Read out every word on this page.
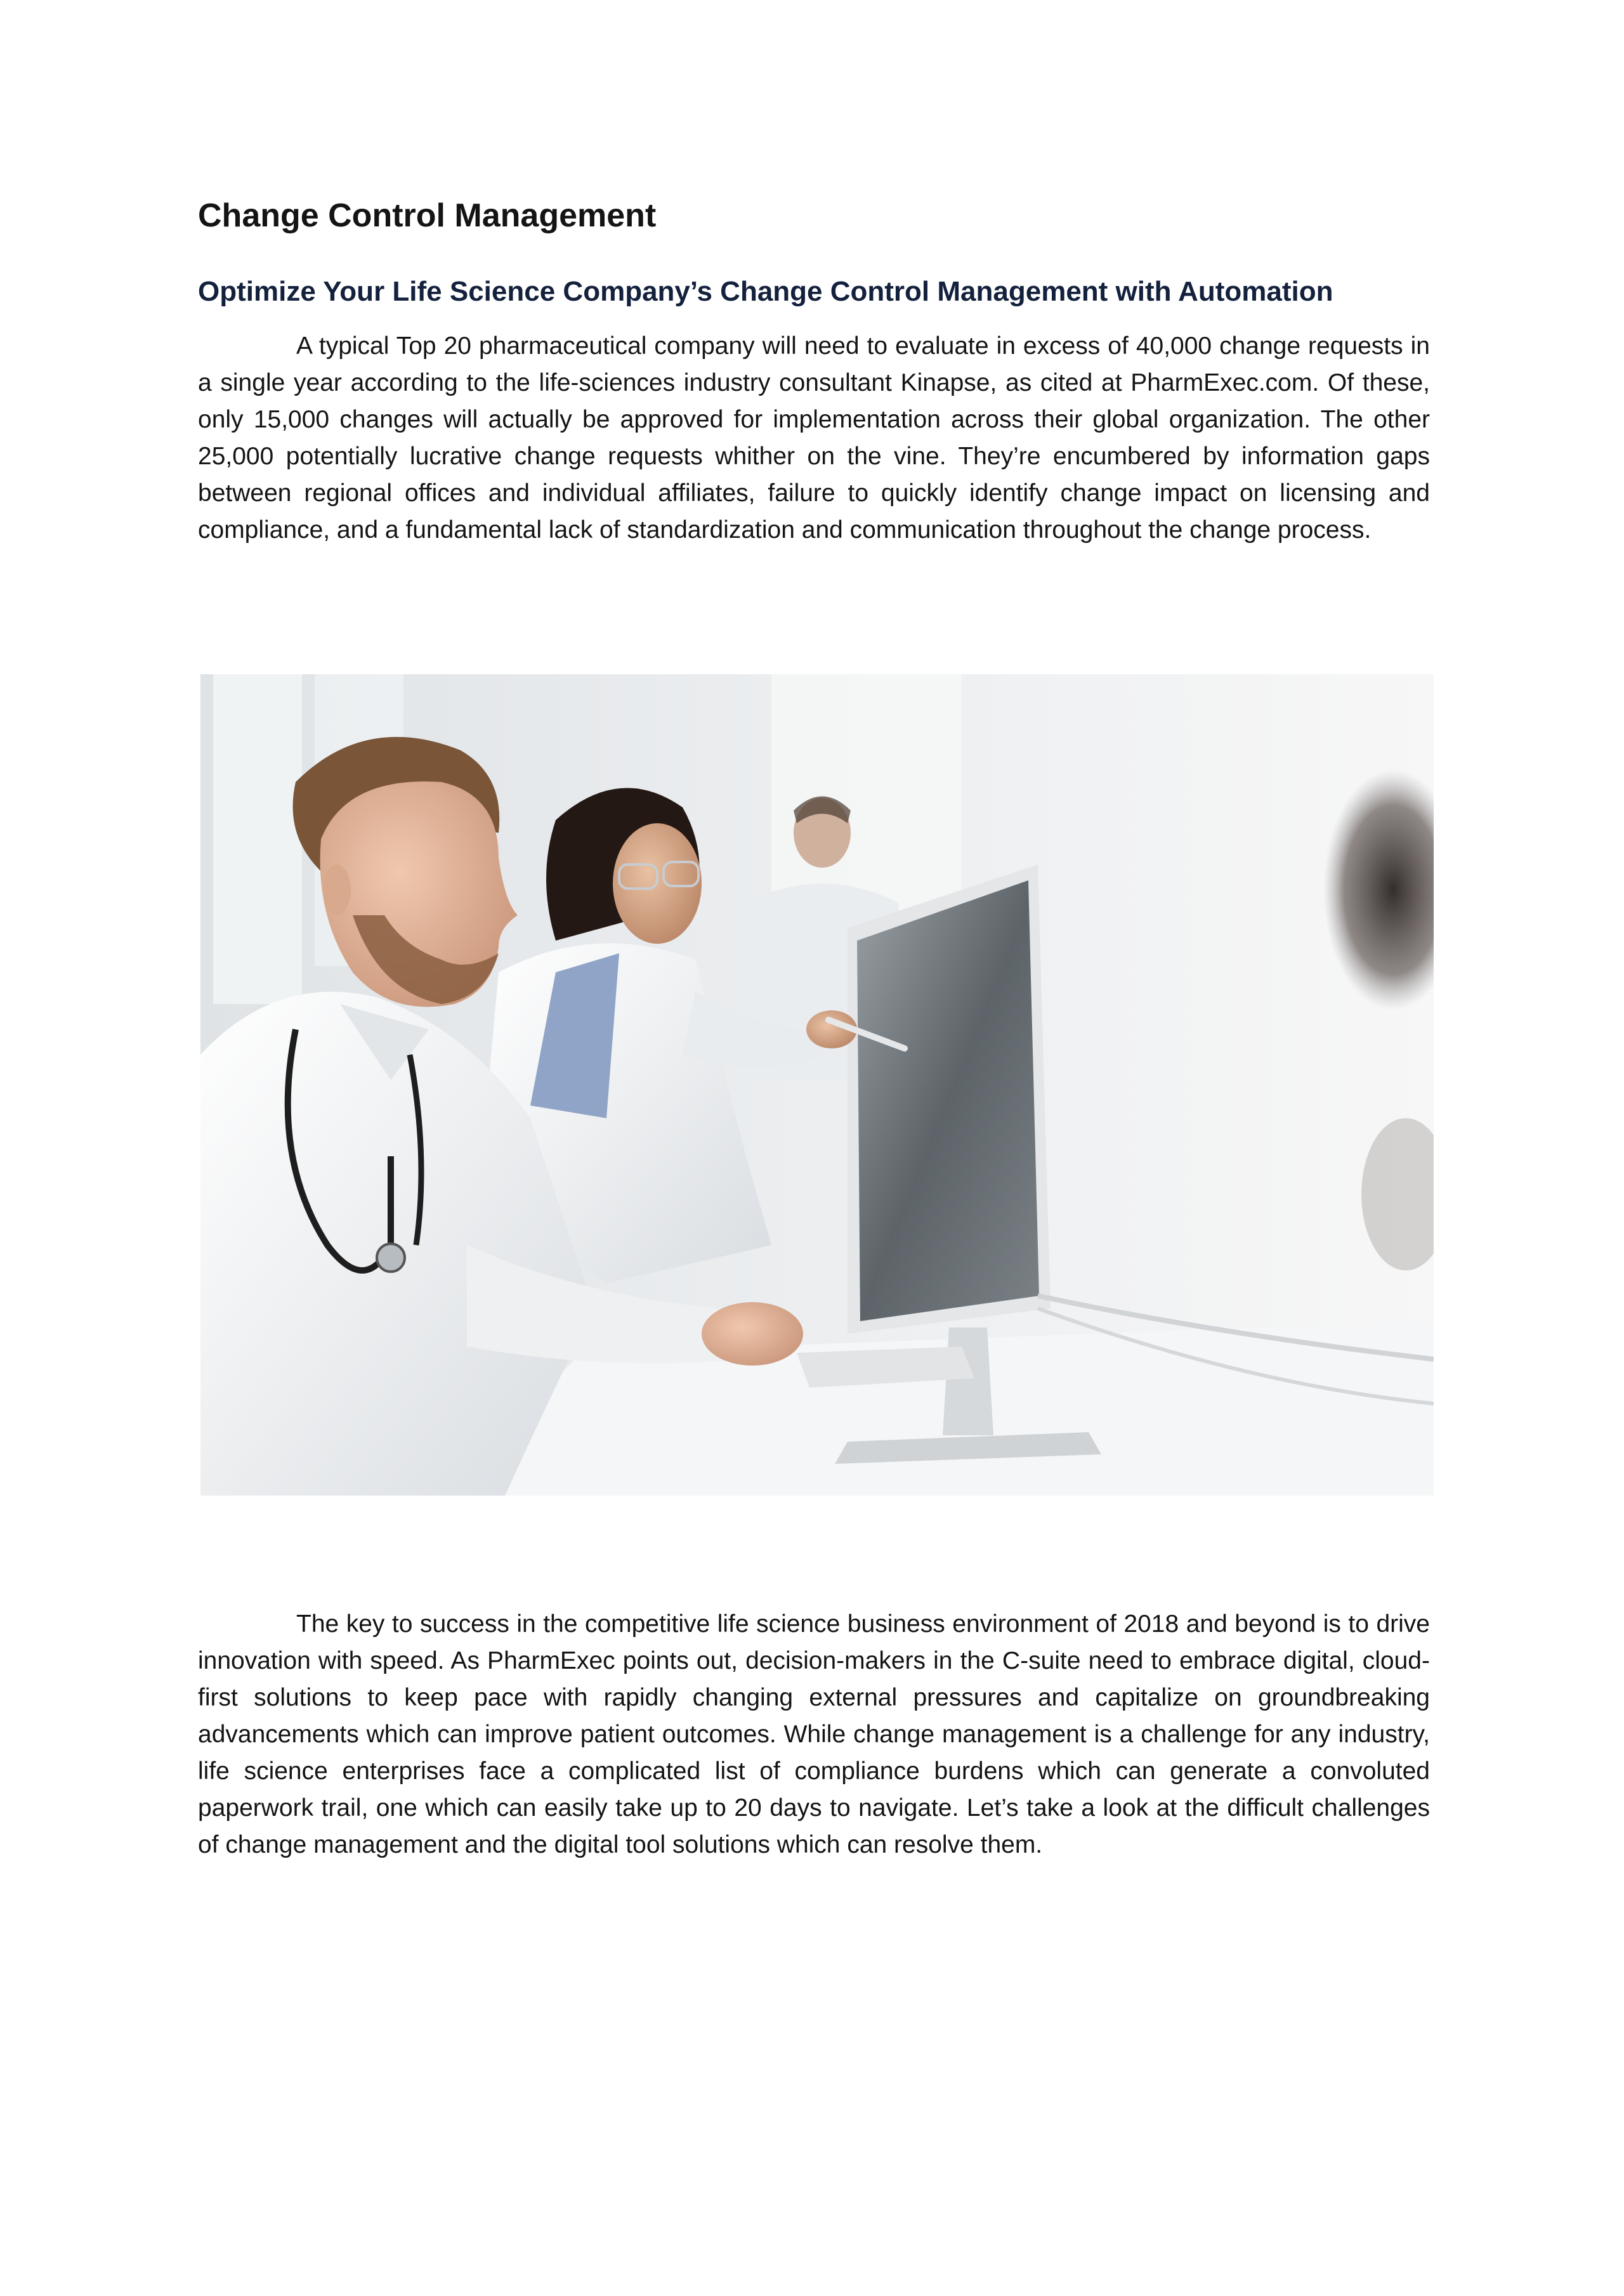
Change Control Management
Optimize Your Life Science Company’s Change Control Management with Automation

A typical Top 20 pharmaceutical company will need to evaluate in excess of 40,000 change requests in a single year according to the life-sciences industry consultant Kinapse, as cited at PharmExec.com. Of these, only 15,000 changes will actually be approved for implementation across their global organization. The other 25,000 potentially lucrative change requests whither on the vine. They’re encumbered by information gaps between regional offices and individual affiliates, failure to quickly identify change impact on licensing and compliance, and a fundamental lack of standardization and communication throughout the change process.

The key to success in the competitive life science business environment of 2018 and beyond is to drive innovation with speed. As PharmExec points out, decision-makers in the C-suite need to embrace digital, cloud-first solutions to keep pace with rapidly changing external pressures and capitalize on groundbreaking advancements which can improve patient outcomes. While change management is a challenge for any industry, life science enterprises face a complicated list of compliance burdens which can generate a convoluted paperwork trail, one which can easily take up to 20 days to navigate. Let’s take a look at the difficult challenges of change management and the digital tool solutions which can resolve them.
